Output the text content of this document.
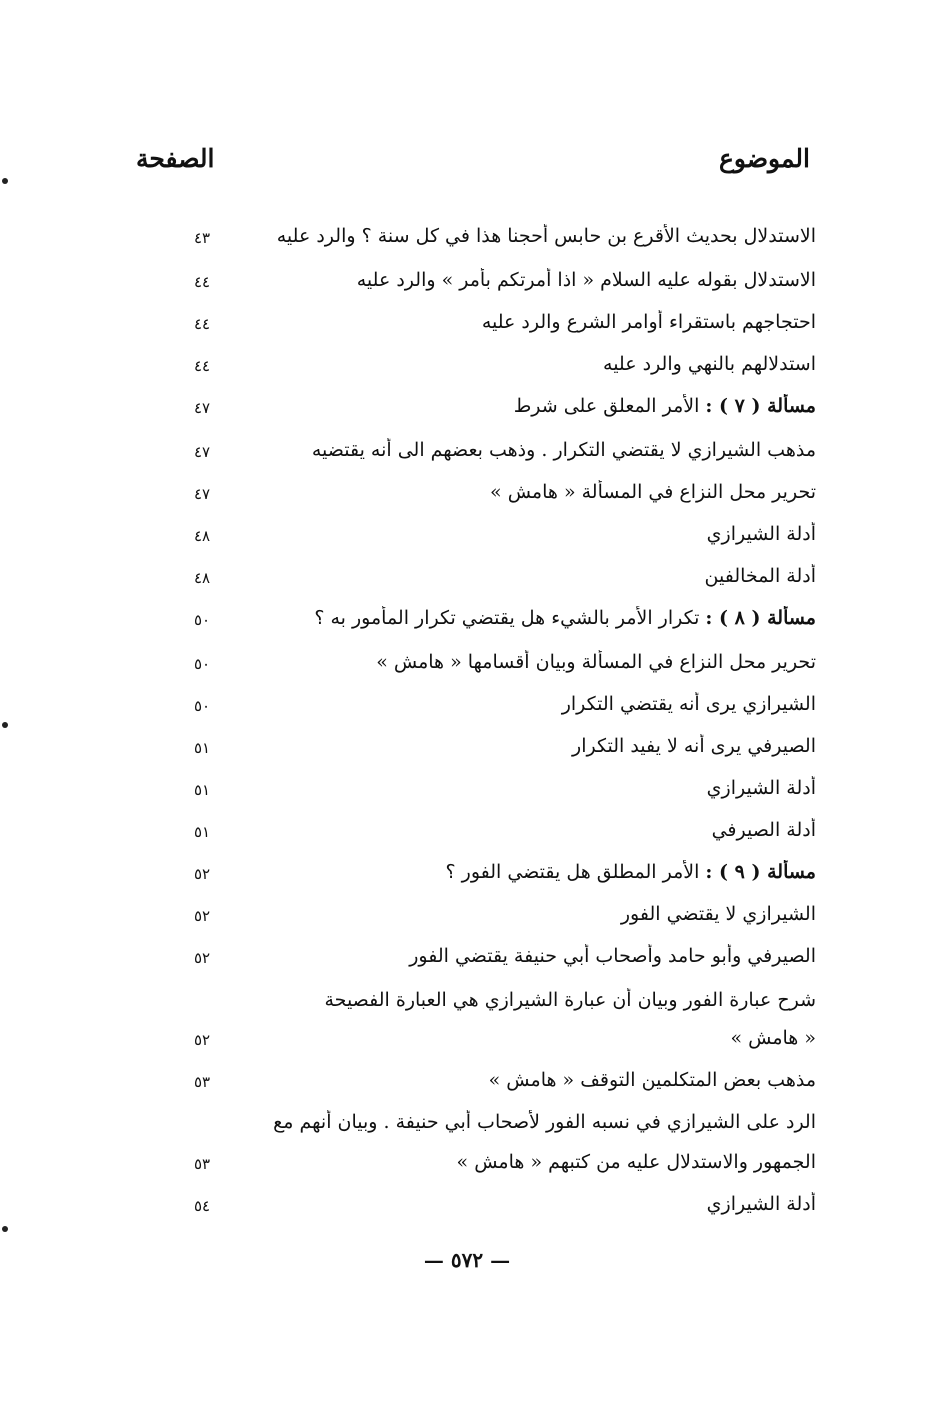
الموضوع
الصفحة
الاستدلال بحديث الأقرع بن حابس أحجنا هذا في كل سنة ؟ والرد عليه
٤٣
الاستدلال بقوله عليه السلام « اذا أمرتكم بأمر » والرد عليه
٤٤
احتجاجهم باستقراء أوامر الشرع والرد عليه
٤٤
استدلالهم بالنهي والرد عليه
٤٤
مسألة ( ٧ ) : الأمر المعلق على شرط
٤٧
مذهب الشيرازي لا يقتضي التكرار . وذهب بعضهم الى أنه يقتضيه
٤٧
تحرير محل النزاع في المسألة « هامش »
٤٧
أدلة الشيرازي
٤٨
أدلة المخالفين
٤٨
مسألة ( ٨ ) : تكرار الأمر بالشيء هل يقتضي تكرار المأمور به ؟
٥٠
تحرير محل النزاع في المسألة وبيان أقسامها « هامش »
٥٠
الشيرازي يرى أنه يقتضي التكرار
٥٠
الصيرفي يرى أنه لا يفيد التكرار
٥١
أدلة الشيرازي
٥١
أدلة الصيرفي
٥١
مسألة ( ٩ ) : الأمر المطلق هل يقتضي الفور ؟
٥٢
الشيرازي لا يقتضي الفور
٥٢
الصيرفي وأبو حامد وأصحاب أبي حنيفة يقتضي الفور
٥٢
شرح عبارة الفور وبيان أن عبارة الشيرازي هي العبارة الفصيحة
« هامش »
٥٢
مذهب بعض المتكلمين التوقف « هامش »
٥٣
الرد على الشيرازي في نسبه الفور لأصحاب أبي حنيفة . وبيان أنهم مع
الجمهور والاستدلال عليه من كتبهم « هامش »
٥٣
أدلة الشيرازي
٥٤
— ٥٧٢ —
